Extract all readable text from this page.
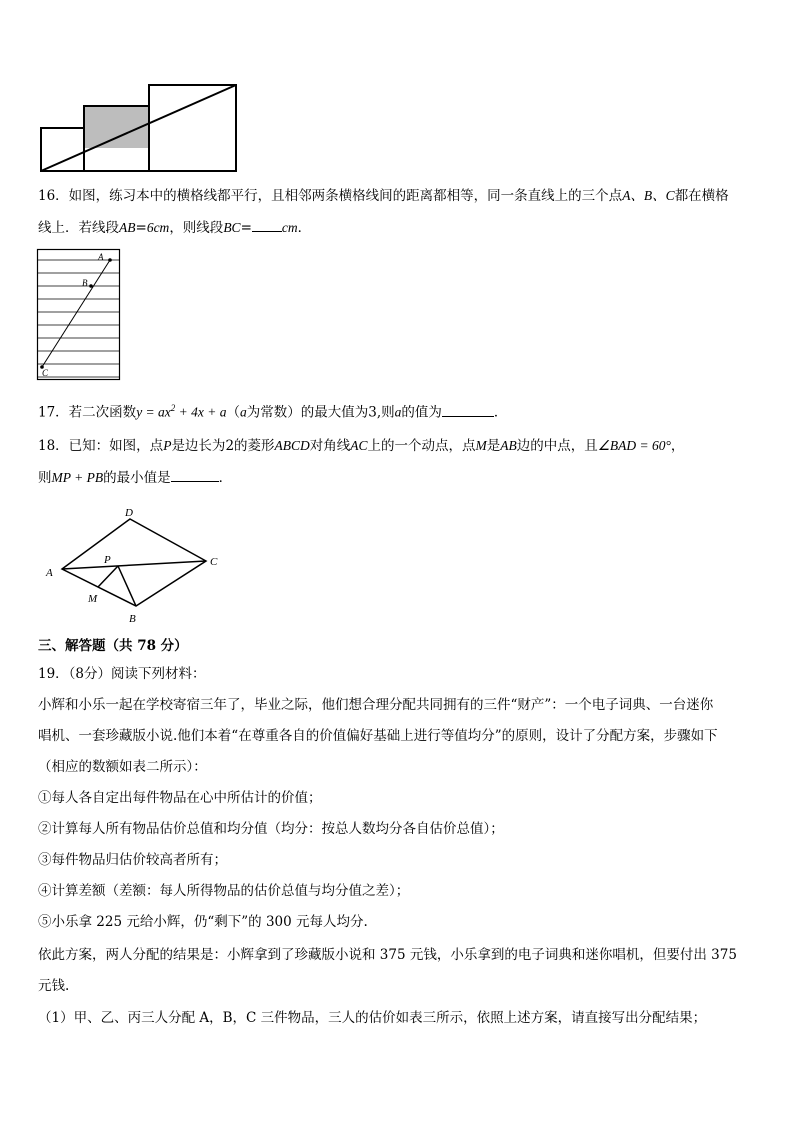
16．如图，练习本中的横格线都平行，且相邻两条横格线间的距离都相等，同一条直线上的三个点A、B、C都在横格
线上．若线段AB=6cm，则线段BC= cm．
A
B
C
17．若二次函数$y = ax^2 + 4x + a(a$为常数）的最大值为3,则a的值为	．
18．已知：如图，点P是边长为2的菱形ABCD对角线AC上的一个动点，点M是AB边的中点，且∠BAD = 60°，
则MP + PB的最小值是	．
D
A
C
P
M
B
三、解答题（共 78 分）
19．（8分）阅读下列材料：
小辉和小乐一起在学校寄宿三年了，毕业之际，他们想合理分配共同拥有的三件“财产”：一个电子词典、一台迷你
唱机、一套珍藏版小说.他们本着“在尊重各自的价值偏好基础上进行等值均分”的原则，设计了分配方案，步骤如下
（相应的数额如表二所示）：
①每人各自定出每件物品在心中所估计的价值；
②计算每人所有物品估价总值和均分值（均分：按总人数均分各自估价总值）；
③每件物品归估价较高者所有；
④计算差额（差额：每人所得物品的估价总值与均分值之差）；
⑤小乐拿 225 元给小辉，仍“剩下”的 300 元每人均分.
依此方案，两人分配的结果是：小辉拿到了珍藏版小说和 375 元钱，小乐拿到的电子词典和迷你唱机，但要付出 375
元钱.
（1）甲、乙、丙三人分配 A，B，C 三件物品，三人的估价如表三所示，依照上述方案，请直接写出分配结果；
